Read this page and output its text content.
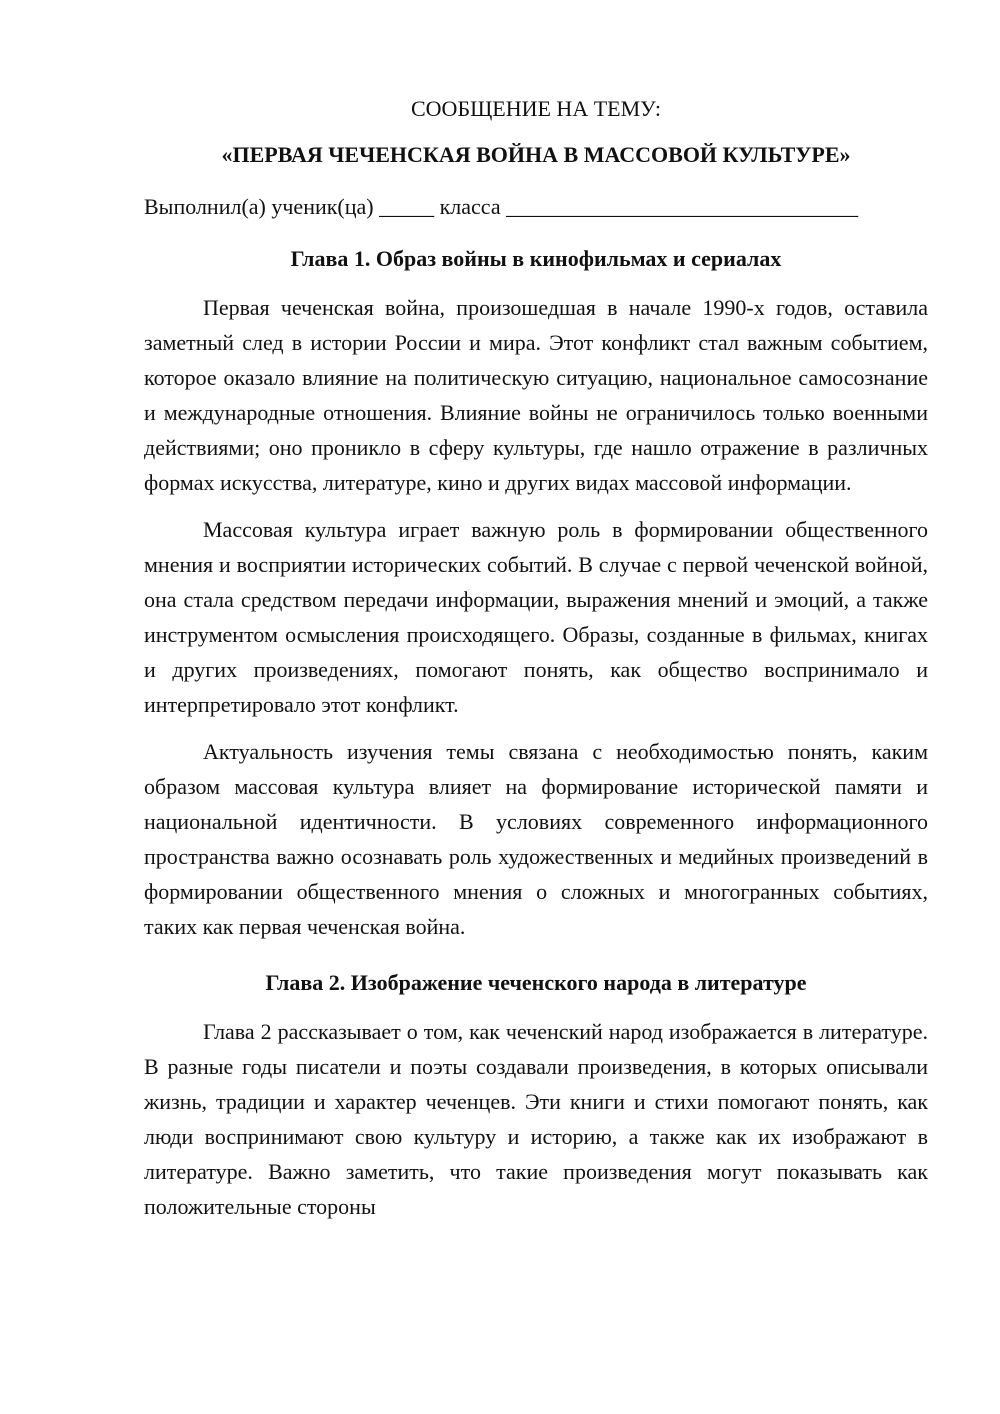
СООБЩЕНИЕ НА ТЕМУ:

«ПЕРВАЯ ЧЕЧЕНСКАЯ ВОЙНА В МАССОВОЙ КУЛЬТУРЕ»

Выполнил(а) ученик(ца) _____ класса ________________________________

Глава 1. Образ войны в кинофильмах и сериалах

Первая чеченская война, произошедшая в начале 1990-х годов, оставила заметный след в истории России и мира. Этот конфликт стал важным событием, которое оказало влияние на политическую ситуацию, национальное самосознание и международные отношения. Влияние войны не ограничилось только военными действиями; оно проникло в сферу культуры, где нашло отражение в различных формах искусства, литературе, кино и других видах массовой информации.

Массовая культура играет важную роль в формировании общественного мнения и восприятии исторических событий. В случае с первой чеченской войной, она стала средством передачи информации, выражения мнений и эмоций, а также инструментом осмысления происходящего. Образы, созданные в фильмах, книгах и других произведениях, помогают понять, как общество воспринимало и интерпретировало этот конфликт.

Актуальность изучения темы связана с необходимостью понять, каким образом массовая культура влияет на формирование исторической памяти и национальной идентичности. В условиях современного информационного пространства важно осознавать роль художественных и медийных произведений в формировании общественного мнения о сложных и многогранных событиях, таких как первая чеченская война.

Глава 2. Изображение чеченского народа в литературе

Глава 2 рассказывает о том, как чеченский народ изображается в литературе. В разные годы писатели и поэты создавали произведения, в которых описывали жизнь, традиции и характер чеченцев. Эти книги и стихи помогают понять, как люди воспринимают свою культуру и историю, а также как их изображают в литературе. Важно заметить, что такие произведения могут показывать как положительные стороны
